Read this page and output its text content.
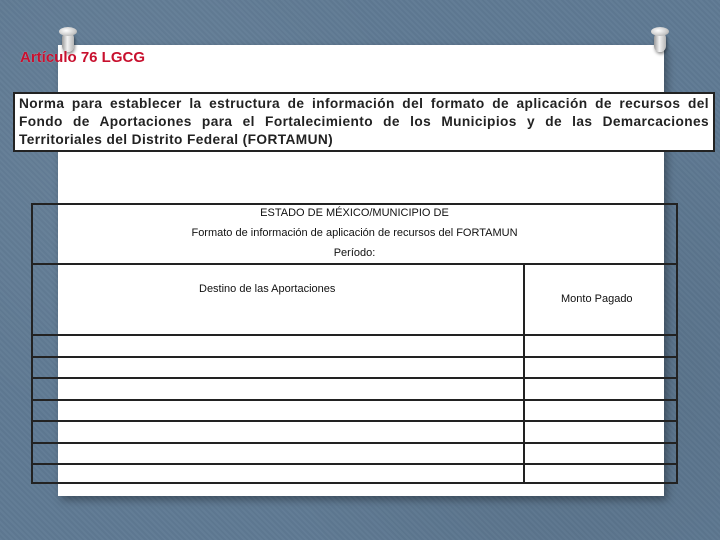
Artículo 76 LGCG
Norma para establecer la estructura de información del formato de aplicación de recursos del Fondo de Aportaciones para el Fortalecimiento de los Municipios y de las Demarcaciones Territoriales del Distrito Federal (FORTAMUN)
ESTADO DE MÉXICO/MUNICIPIO DE
Formato de información de aplicación de recursos del FORTAMUN
Período:
Destino de las Aportaciones
Monto Pagado
